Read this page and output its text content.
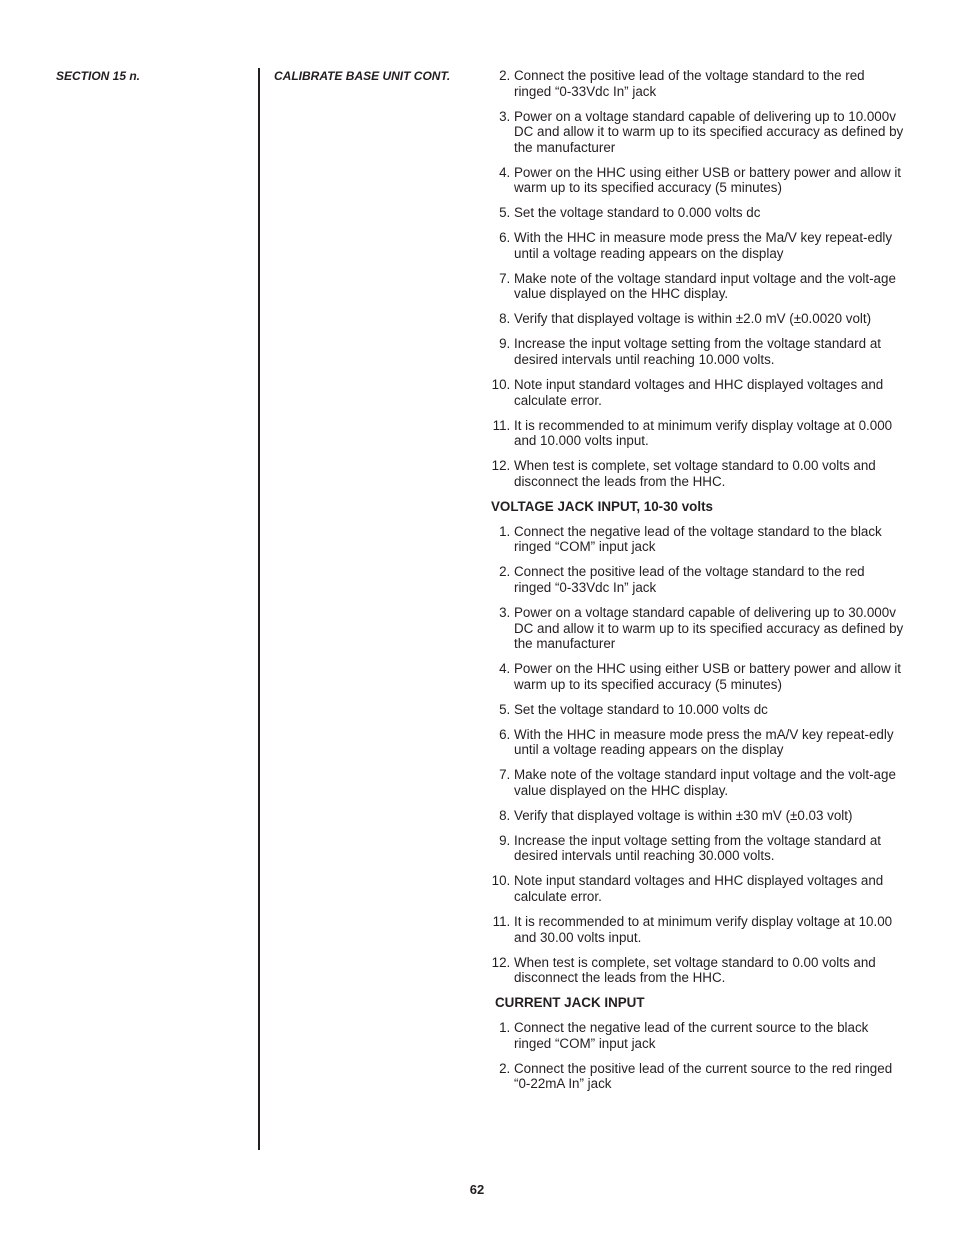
SECTION 15 n.	CALIBRATE BASE UNIT CONT.	2. Connect the positive lead of the voltage standard to the red ringed “0-33Vdc In” jack
3. Power on a voltage standard capable of delivering up to 10.000v DC and allow it to warm up to its specified accuracy as defined by the manufacturer
4. Power on the HHC using either USB or battery power and allow it warm up to its specified accuracy (5 minutes)
5. Set the voltage standard to 0.000 volts dc
6. With the HHC in measure mode press the Ma/V key repeat-edly until a voltage reading appears on the display
7. Make note of the voltage standard input voltage and the volt-age value displayed on the HHC display.
8. Verify that displayed voltage is within ±2.0 mV (±0.0020 volt)
9. Increase the input voltage setting from the voltage standard at desired intervals until reaching 10.000 volts.
10. Note input standard voltages and HHC displayed voltages and calculate error.
11. It is recommended to at minimum verify display voltage at 0.000 and 10.000 volts input.
12. When test is complete, set voltage standard to 0.00 volts and disconnect the leads from the HHC.
VOLTAGE JACK INPUT, 10-30 volts
1. Connect the negative lead of the voltage standard to the black ringed “COM” input jack
2. Connect the positive lead of the voltage standard to the red ringed “0-33Vdc In” jack
3. Power on a voltage standard capable of delivering up to 30.000v DC and allow it to warm up to its specified accuracy as defined by the manufacturer
4. Power on the HHC using either USB or battery power and allow it warm up to its specified accuracy (5 minutes)
5. Set the voltage standard to 10.000 volts dc
6. With the HHC in measure mode press the mA/V key repeat-edly until a voltage reading appears on the display
7. Make note of the voltage standard input voltage and the volt-age value displayed on the HHC display.
8. Verify that displayed voltage is within ±30 mV (±0.03 volt)
9. Increase the input voltage setting from the voltage standard at desired intervals until reaching 30.000 volts.
10. Note input standard voltages and HHC displayed voltages and calculate error.
11. It is recommended to at minimum verify display voltage at 10.00 and 30.00 volts input.
12. When test is complete, set voltage standard to 0.00 volts and disconnect the leads from the HHC.
CURRENT JACK INPUT
1. Connect the negative lead of the current source to the black ringed “COM” input jack
2. Connect the positive lead of the current source to the red ringed “0-22mA In” jack
62
